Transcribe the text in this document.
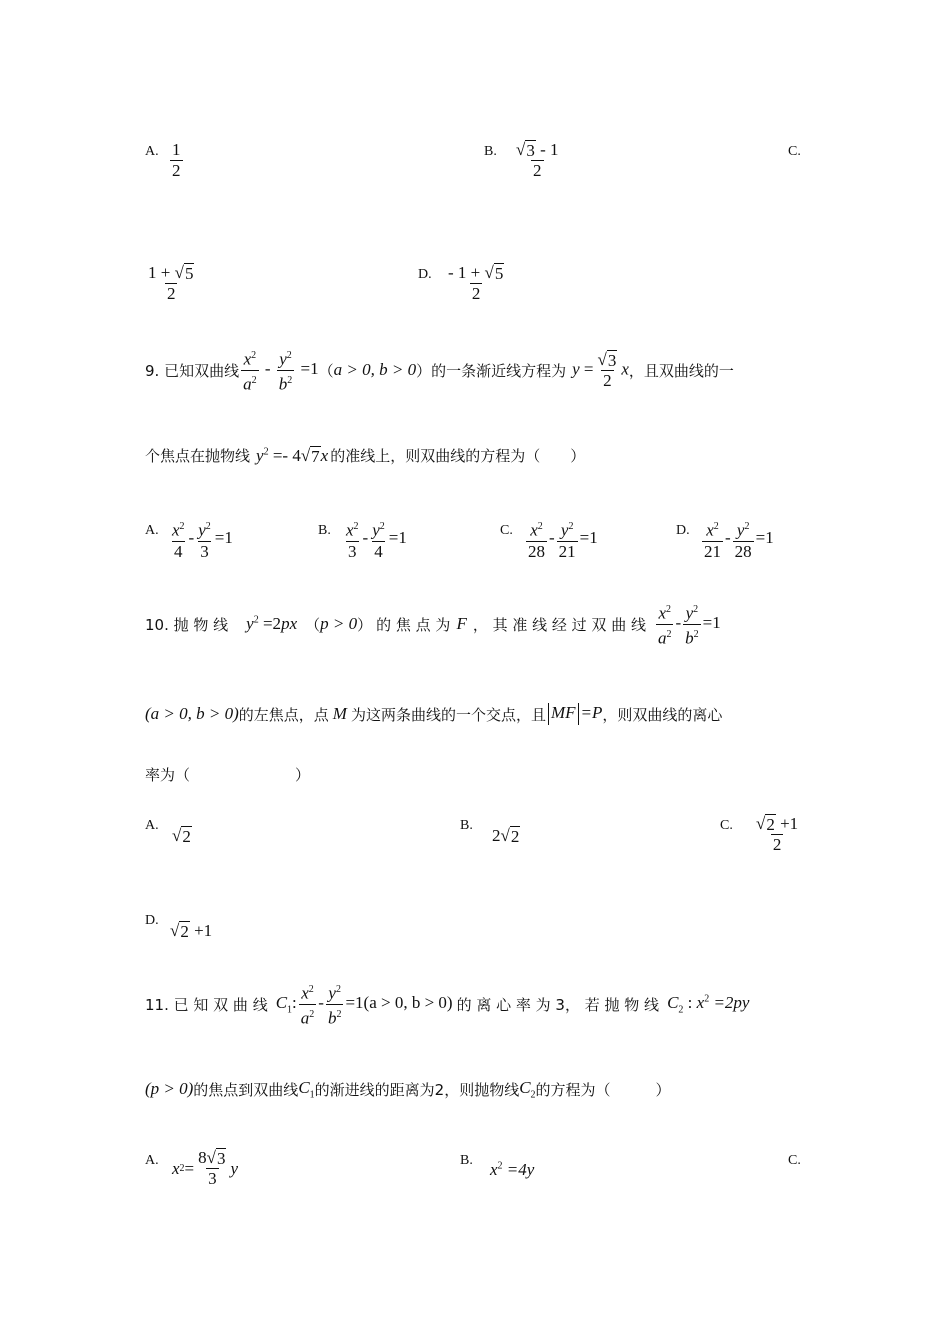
A. $\frac{1}{2}$	B. $\frac{√ 3 - 1}{2}$	C.
$\frac{1 + √ 5}{2}$	D. $\frac{- 1 + √ 5}{2}$
9. 已知双曲线 $\frac{x^2}{a^2} - \frac{y^2}{b^2} =1$ （ a > 0, b > 0 ） 的一条渐近线方程为 $y = \frac{√ 3}{2}$ x ，且双曲线的一
个焦点在抛物线 $y^2 =- 4$ √ 7 x 的准线上，则双曲线的方程为（　　）
A. $\frac{x^2}{4} - \frac{y^2}{3} =1$	B. $\frac{x^2}{3} - \frac{y^2}{4} =1$	C. $\frac{x^2}{28} - \frac{y^2}{21} =1$	D. $\frac{x^2}{21} - \frac{y^2}{28} =1$
10. 抛 物 线 $y^2 =2px$ （ p > 0 ） 的 焦 点 为 F ， 其 准 线 经 过 双 曲 线 $\frac{x^2}{a^2} - \frac{y^2}{b^2} =1$
(a > 0, b > 0) 的左焦点，点 M 为这两条曲线的一个交点，且 MF =P ，则双曲线的离心
率为（　　　　　　　）
A.
√ 2
B.
2 √ 2
C. $\frac{√ 2 +1}{2}$
D.
√ 2 +1
11. 已 知 双 曲 线 $C_1$: $\frac{x^2}{a^2} - \frac{y^2}{b^2} =1(a > 0$, b > 0) 的 离 心 率 为 3， 若 抛 物 线 $C_2$ : $x^2 =2py$
(p > 0) 的焦点到双曲线 $C_1$ 的渐进线的距离为2，则抛物线 $C_2$ 的方程为（　　　）
A. x $2 = \frac{8 √ 3}{3}$ y	B. $x^2 =4y$	C.
